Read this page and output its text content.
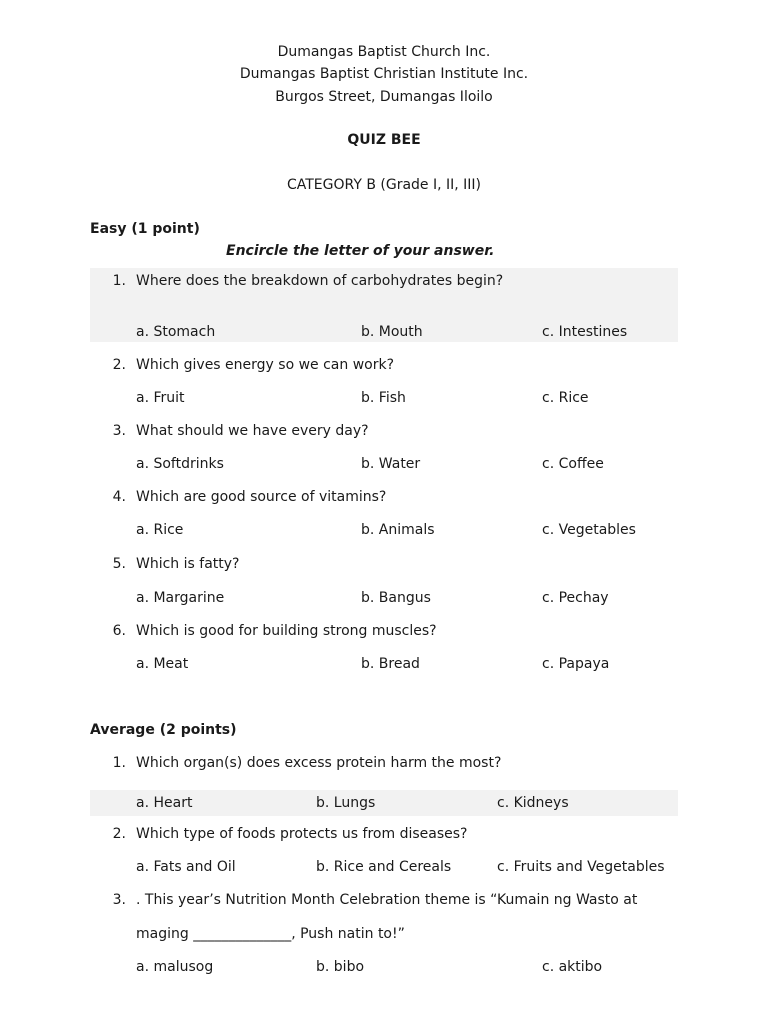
Dumangas Baptist Church Inc.
Dumangas Baptist Christian Institute Inc.
Burgos Street, Dumangas Iloilo
QUIZ BEE
CATEGORY B (Grade I, II, III)
Easy (1 point)
Encircle the letter of your answer.
1. Where does the breakdown of carbohydrates begin?
a. Stomach	b. Mouth	c. Intestines
2. Which gives energy so we can work?
a. Fruit	b. Fish	c. Rice
3. What should we have every day?
a. Softdrinks	b. Water	c. Coffee
4. Which are good source of vitamins?
a. Rice	b. Animals	c. Vegetables
5. Which is fatty?
a. Margarine	b. Bangus	c. Pechay
6. Which is good for building strong muscles?
a. Meat	b. Bread	c. Papaya
Average (2 points)
1. Which organ(s) does excess protein harm the most?
a. Heart	b. Lungs	c. Kidneys
2. Which type of foods protects us from diseases?
a. Fats and Oil	b. Rice and Cereals	c. Fruits and Vegetables
3. . This year’s Nutrition Month Celebration theme is “Kumain ng Wasto at
maging ______________, Push natin to!”
a. malusog	b. bibo	c. aktibo
